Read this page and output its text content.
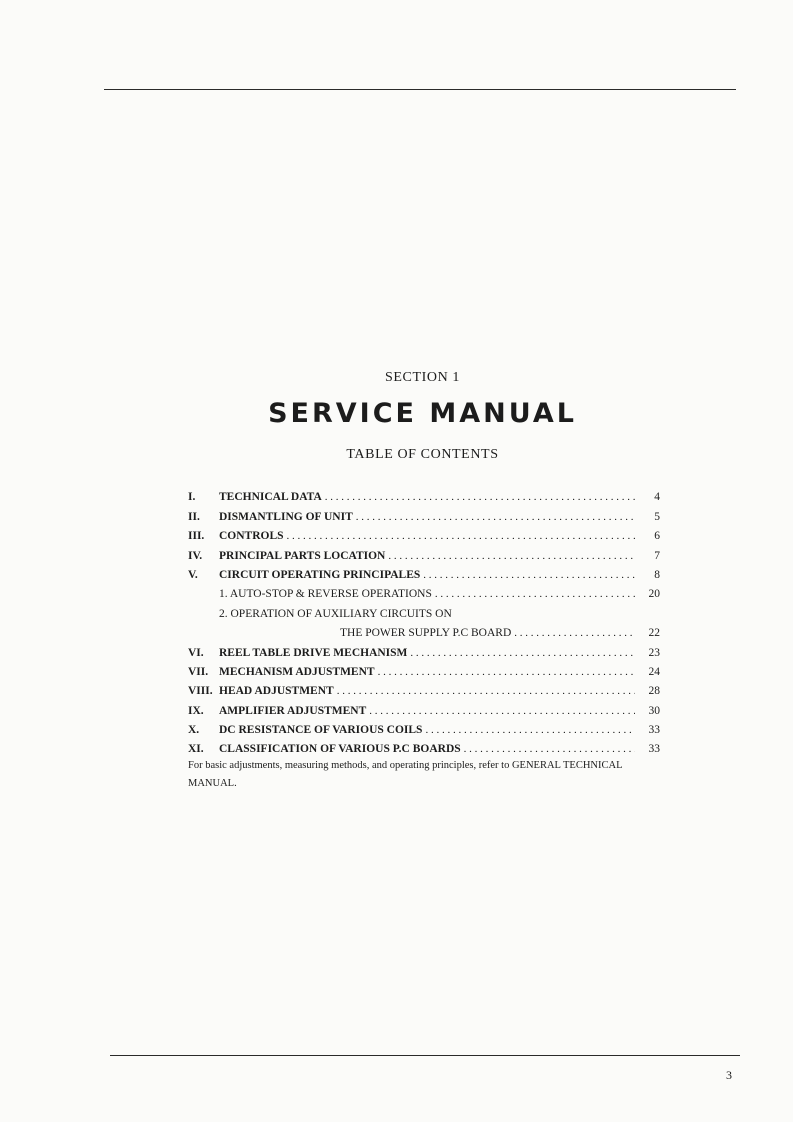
SECTION 1
SERVICE MANUAL
TABLE OF CONTENTS
I.	TECHNICAL DATA . . .	4
II.	DISMANTLING OF UNIT . . .	5
III.	CONTROLS . . .	6
IV.	PRINCIPAL PARTS LOCATION . . .	7
V.	CIRCUIT OPERATING PRINCIPALES . . .	8
1. AUTO-STOP & REVERSE OPERATIONS . . .	20
2. OPERATION OF AUXILIARY CIRCUITS ON
THE POWER SUPPLY P.C BOARD . . .	22
VI.	REEL TABLE DRIVE MECHANISM . . .	23
VII. MECHANISM ADJUSTMENT . . .	24
VIII. HEAD ADJUSTMENT . . .	28
IX.	AMPLIFIER ADJUSTMENT . . .	30
X.	DC RESISTANCE OF VARIOUS COILS . . .	33
XI.	CLASSIFICATION OF VARIOUS P.C BOARDS . . .	33
For basic adjustments, measuring methods, and operating principles, refer to GENERAL TECHNICAL MANUAL.
3
